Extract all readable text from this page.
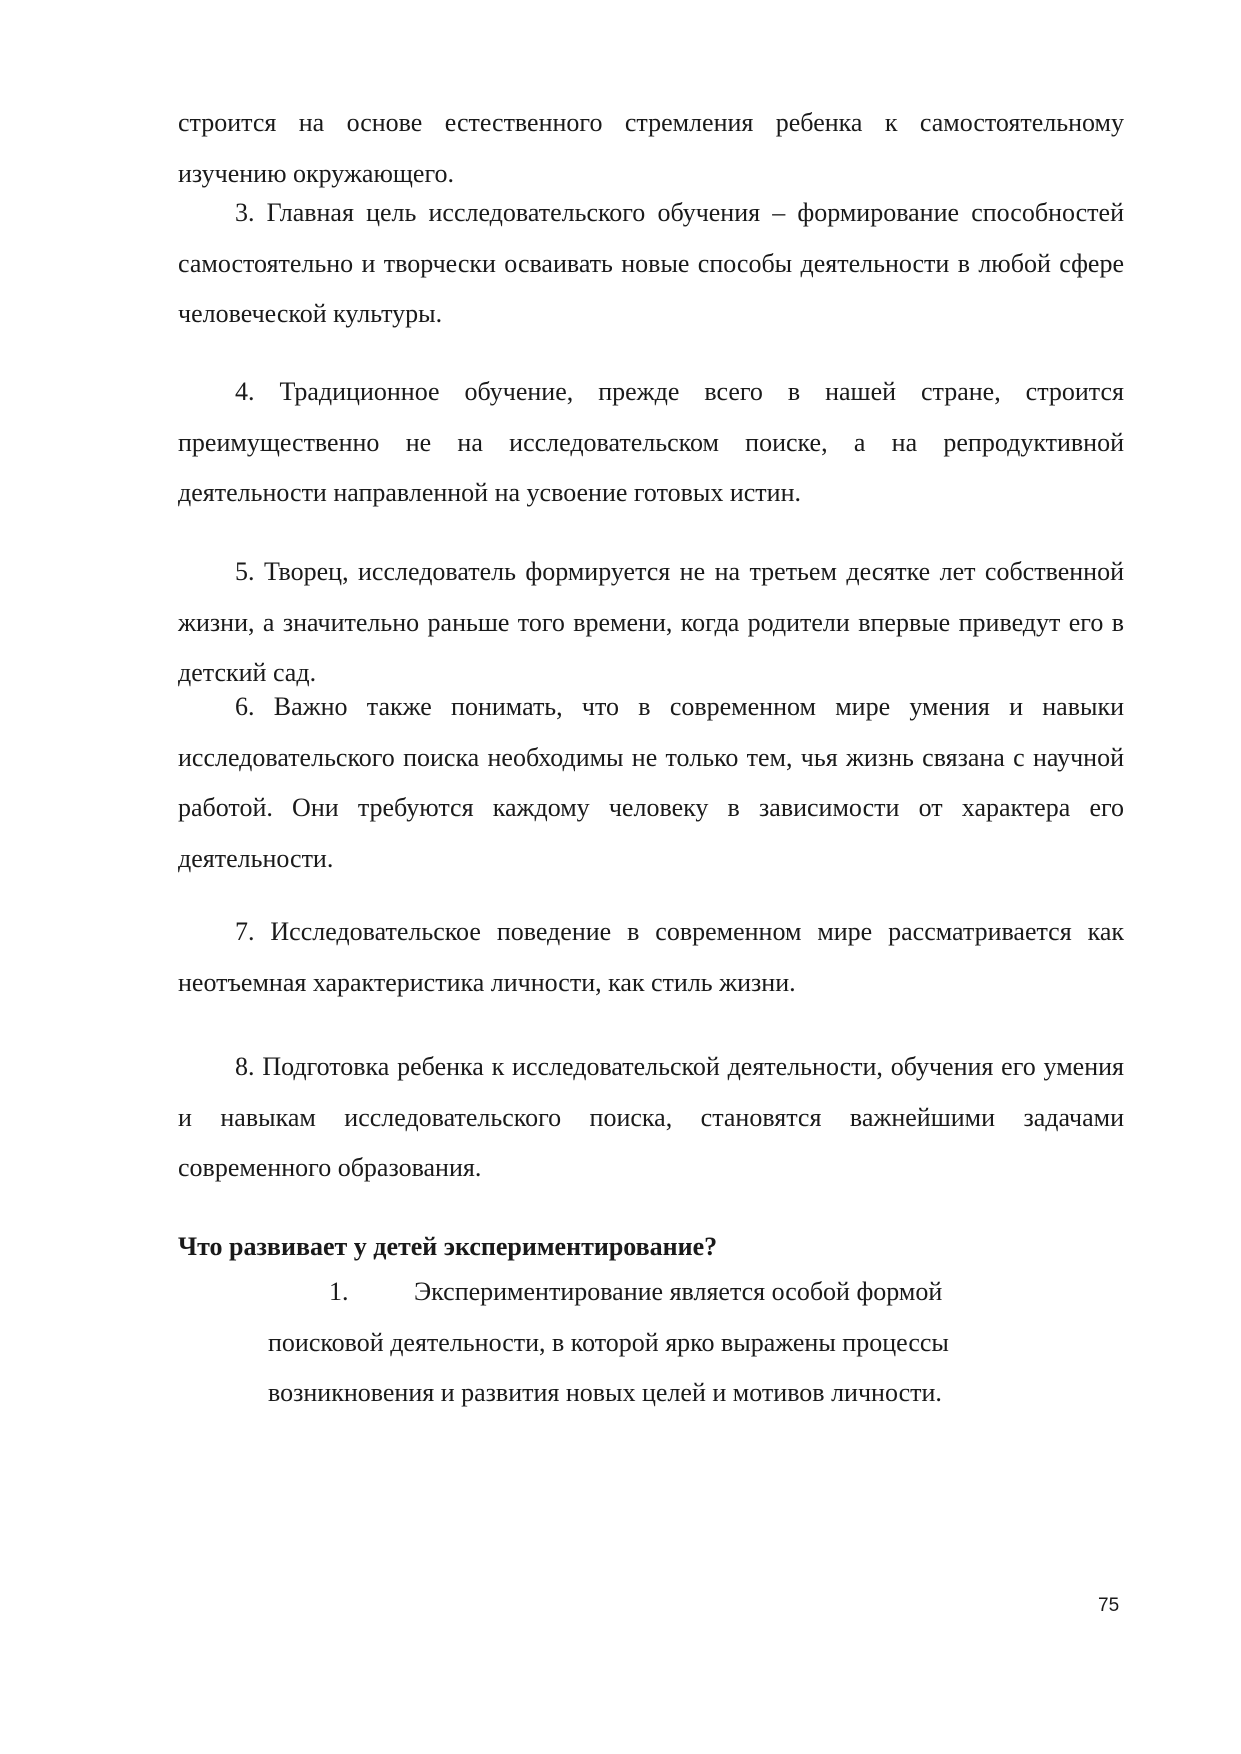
строится на основе естественного стремления ребенка к самостоятельному изучению окружающего.

3. Главная цель исследовательского обучения – формирование способностей самостоятельно и творчески осваивать новые способы деятельности в любой сфере человеческой культуры.

4. Традиционное обучение, прежде всего в нашей стране, строится преимущественно не на исследовательском поиске, а на репродуктивной деятельности направленной на усвоение готовых истин.

5. Творец, исследователь формируется не на третьем десятке лет собственной жизни, а значительно раньше того времени, когда родители впервые приведут его в детский сад.

6. Важно также понимать, что в современном мире умения и навыки исследовательского поиска необходимы не только тем, чья жизнь связана с научной работой. Они требуются каждому человеку в зависимости от характера его деятельности.

7. Исследовательское поведение в современном мире рассматривается как неотъемная характеристика личности, как стиль жизни.

8. Подготовка ребенка к исследовательской деятельности, обучения его умения и навыкам исследовательского поиска, становятся важнейшими задачами современного образования.

Что развивает у детей экспериментирование?
1.	Экспериментирование является особой формой поисковой деятельности, в которой ярко выражены процессы возникновения и развития новых целей и мотивов личности.
75
